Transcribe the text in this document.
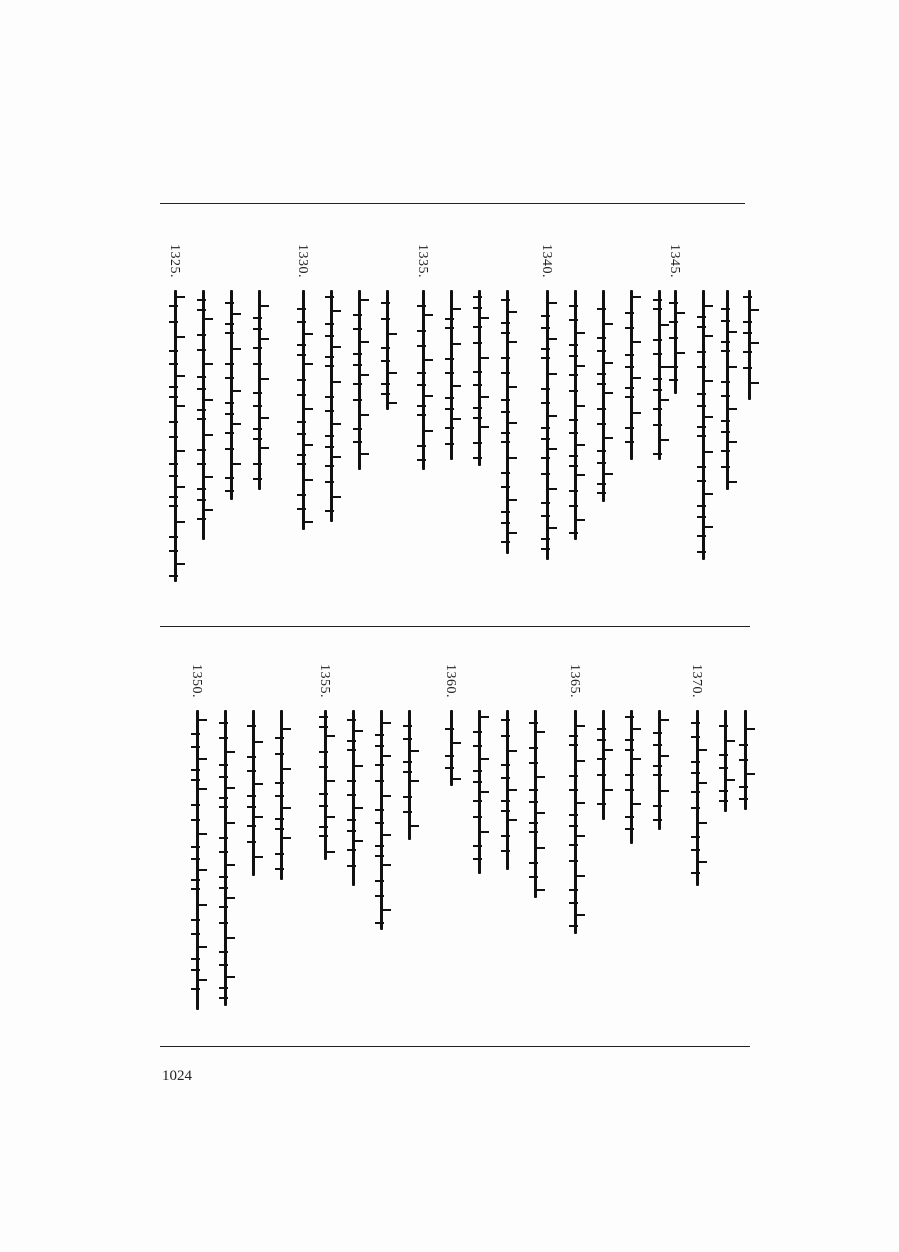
1325.	1330.	1335.	1340.	1345.
1350.	1355.	1360.	1365.	1370.
1024
